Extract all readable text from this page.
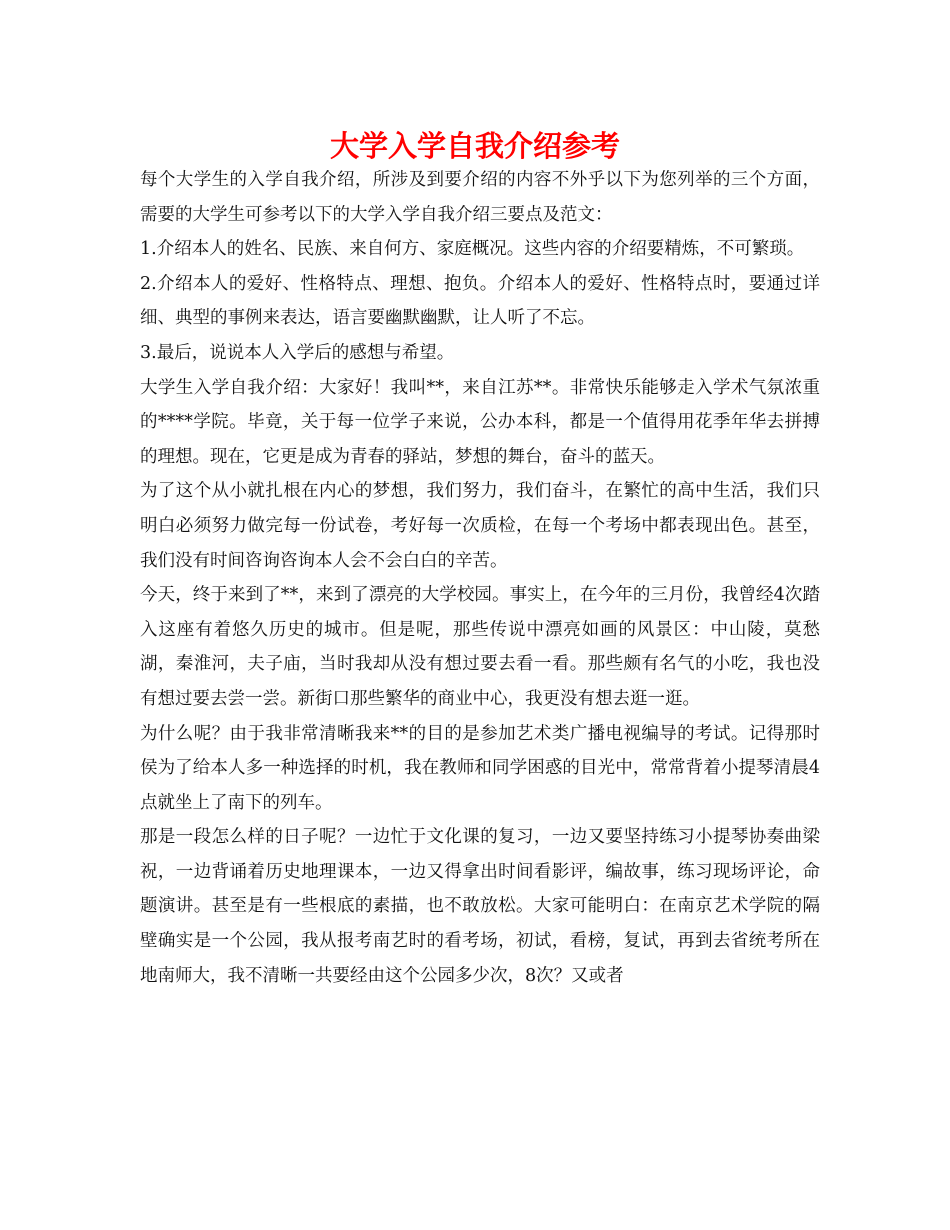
大学入学自我介绍参考

每个大学生的入学自我介绍，所涉及到要介绍的内容不外乎以下为您列举的三个方面，需要的大学生可参考以下的大学入学自我介绍三要点及范文：

1.介绍本人的姓名、民族、来自何方、家庭概况。这些内容的介绍要精炼，不可繁琐。

2.介绍本人的爱好、性格特点、理想、抱负。介绍本人的爱好、性格特点时，要通过详细、典型的事例来表达，语言要幽默幽默，让人听了不忘。

3.最后，说说本人入学后的感想与希望。

大学生入学自我介绍：大家好！我叫**，来自江苏**。非常快乐能够走入学术气氛浓重的****学院。毕竟，关于每一位学子来说，公办本科，都是一个值得用花季年华去拼搏的理想。现在，它更是成为青春的驿站，梦想的舞台，奋斗的蓝天。

为了这个从小就扎根在内心的梦想，我们努力，我们奋斗，在繁忙的高中生活，我们只明白必须努力做完每一份试卷，考好每一次质检，在每一个考场中都表现出色。甚至，我们没有时间咨询咨询本人会不会白白的辛苦。

今天，终于来到了**，来到了漂亮的大学校园。事实上，在今年的三月份，我曾经4次踏入这座有着悠久历史的城市。但是呢，那些传说中漂亮如画的风景区：中山陵，莫愁湖，秦淮河，夫子庙，当时我却从没有想过要去看一看。那些颇有名气的小吃，我也没有想过要去尝一尝。新街口那些繁华的商业中心，我更没有想去逛一逛。

为什么呢？由于我非常清晰我来**的目的是参加艺术类广播电视编导的考试。记得那时侯为了给本人多一种选择的时机，我在教师和同学困惑的目光中，常常背着小提琴清晨4点就坐上了南下的列车。

那是一段怎么样的日子呢？一边忙于文化课的复习，一边又要坚持练习小提琴协奏曲梁祝，一边背诵着历史地理课本，一边又得拿出时间看影评，编故事，练习现场评论，命题演讲。甚至是有一些根底的素描，也不敢放松。大家可能明白：在南京艺术学院的隔壁确实是一个公园，我从报考南艺时的看考场，初试，看榜，复试，再到去省统考所在地南师大，我不清晰一共要经由这个公园多少次，8次？又或者
